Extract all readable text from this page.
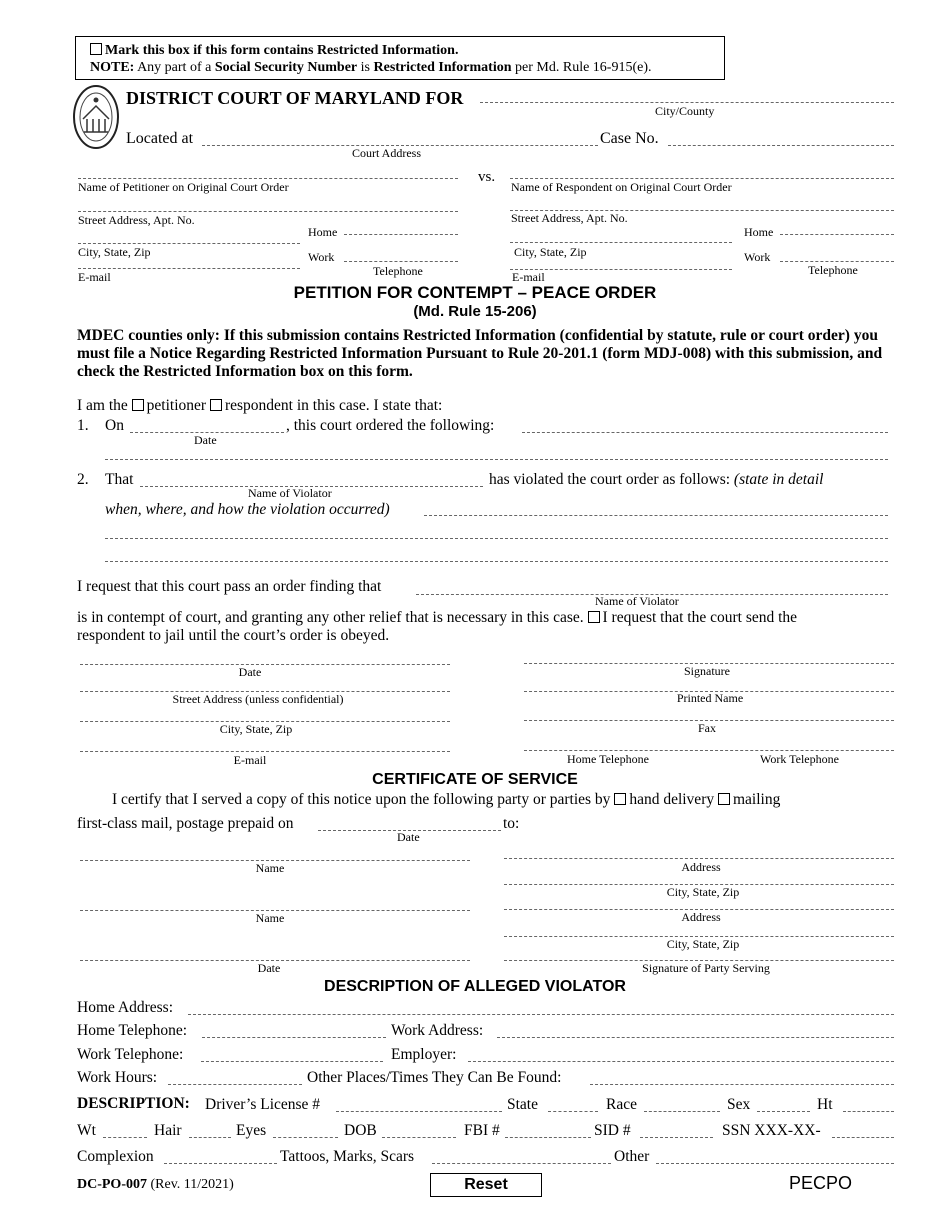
Mark this box if this form contains Restricted Information.
NOTE: Any part of a Social Security Number is Restricted Information per Md. Rule 16-915(e).
DISTRICT COURT OF MARYLAND FOR
City/County
Located at
Court Address
Case No.
vs.
Name of Petitioner on Original Court Order	Name of Respondent on Original Court Order
Street Address, Apt. No.	Street Address, Apt. No.
Home	Home
City, State, Zip	City, State, Zip
Work	Work
Telephone	Telephone
E-mail	E-mail
PETITION FOR CONTEMPT – PEACE ORDER
(Md. Rule 15-206)
MDEC counties only: If this submission contains Restricted Information (confidential by statute, rule or court order) you must file a Notice Regarding Restricted Information Pursuant to Rule 20-201.1 (form MDJ-008) with this submission, and check the Restricted Information box on this form.
I am the petitioner respondent in this case. I state that:
1. On
Date
, this court ordered the following:
2. That
Name of Violator
has violated the court order as follows: (state in detail
when, where, and how the violation occurred)
I request that this court pass an order finding that
Name of Violator
is in contempt of court, and granting any other relief that is necessary in this case. I request that the court send the
respondent to jail until the court’s order is obeyed.
Date
Street Address (unless confidential)
City, State, Zip
E-mail
Signature
Printed Name
Fax
Home Telephone	Work Telephone
CERTIFICATE OF SERVICE
I certify that I served a copy of this notice upon the following party or parties by hand delivery mailing
first-class mail, postage prepaid on
Date
to:
Name	Address
City, State, Zip
Name	Address
City, State, Zip
Date	Signature of Party Serving
DESCRIPTION OF ALLEGED VIOLATOR
Home Address:
Home Telephone:	Work Address:
Work Telephone:	Employer:
Work Hours:	Other Places/Times They Can Be Found:
DESCRIPTION: Driver’s License #	State	Race	Sex	Ht
Wt	Hair	Eyes	DOB	FBI #	SID #	SSN XXX-XX-
Complexion	Tattoos, Marks, Scars	Other
DC-PO-007 (Rev. 11/2021)	Reset	PECPO
